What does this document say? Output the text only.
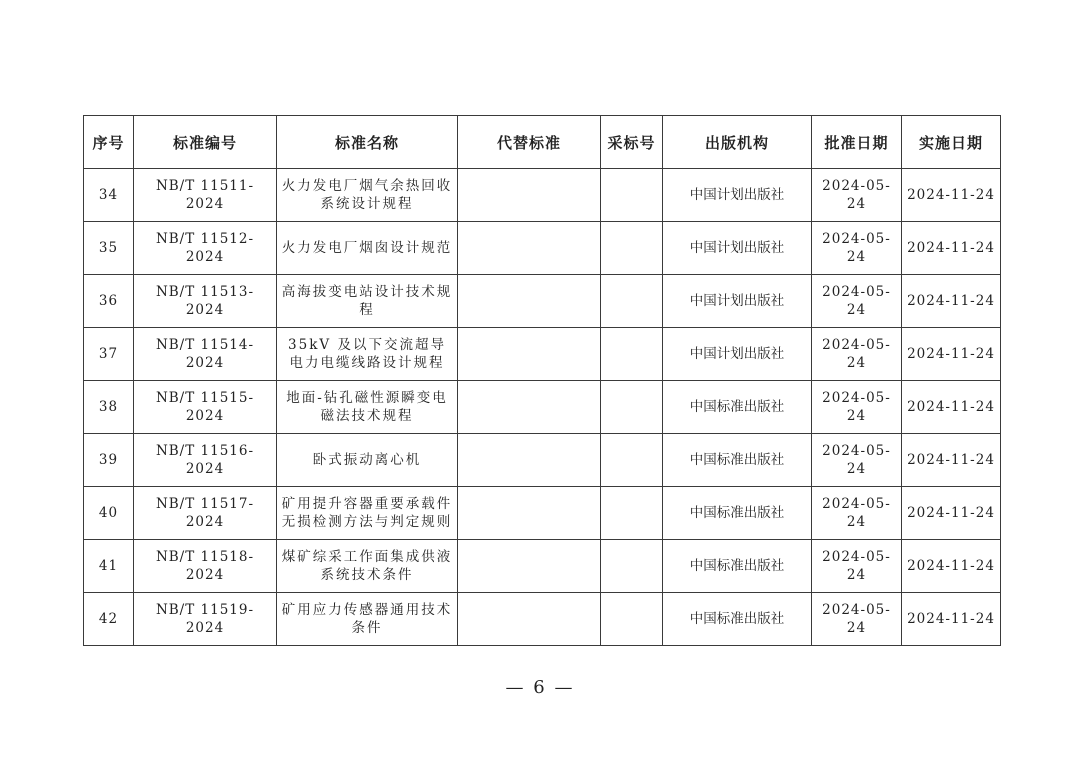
序号	标准编号	标准名称	代替标准	采标号	出版机构	批准日期	实施日期
34	NB/T 11511-2024	火力发电厂烟气余热回收系统设计规程			中国计划出版社	2024-05-24	2024-11-24
35	NB/T 11512-2024	火力发电厂烟囱设计规范			中国计划出版社	2024-05-24	2024-11-24
36	NB/T 11513-2024	高海拔变电站设计技术规程			中国计划出版社	2024-05-24	2024-11-24
37	NB/T 11514-2024	35kV 及以下交流超导电力电缆线路设计规程			中国计划出版社	2024-05-24	2024-11-24
38	NB/T 11515-2024	地面-钻孔磁性源瞬变电磁法技术规程			中国标准出版社	2024-05-24	2024-11-24
39	NB/T 11516-2024	卧式振动离心机			中国标准出版社	2024-05-24	2024-11-24
40	NB/T 11517-2024	矿用提升容器重要承载件无损检测方法与判定规则			中国标准出版社	2024-05-24	2024-11-24
41	NB/T 11518-2024	煤矿综采工作面集成供液系统技术条件			中国标准出版社	2024-05-24	2024-11-24
42	NB/T 11519-2024	矿用应力传感器通用技术条件			中国标准出版社	2024-05-24	2024-11-24
— 6 —
